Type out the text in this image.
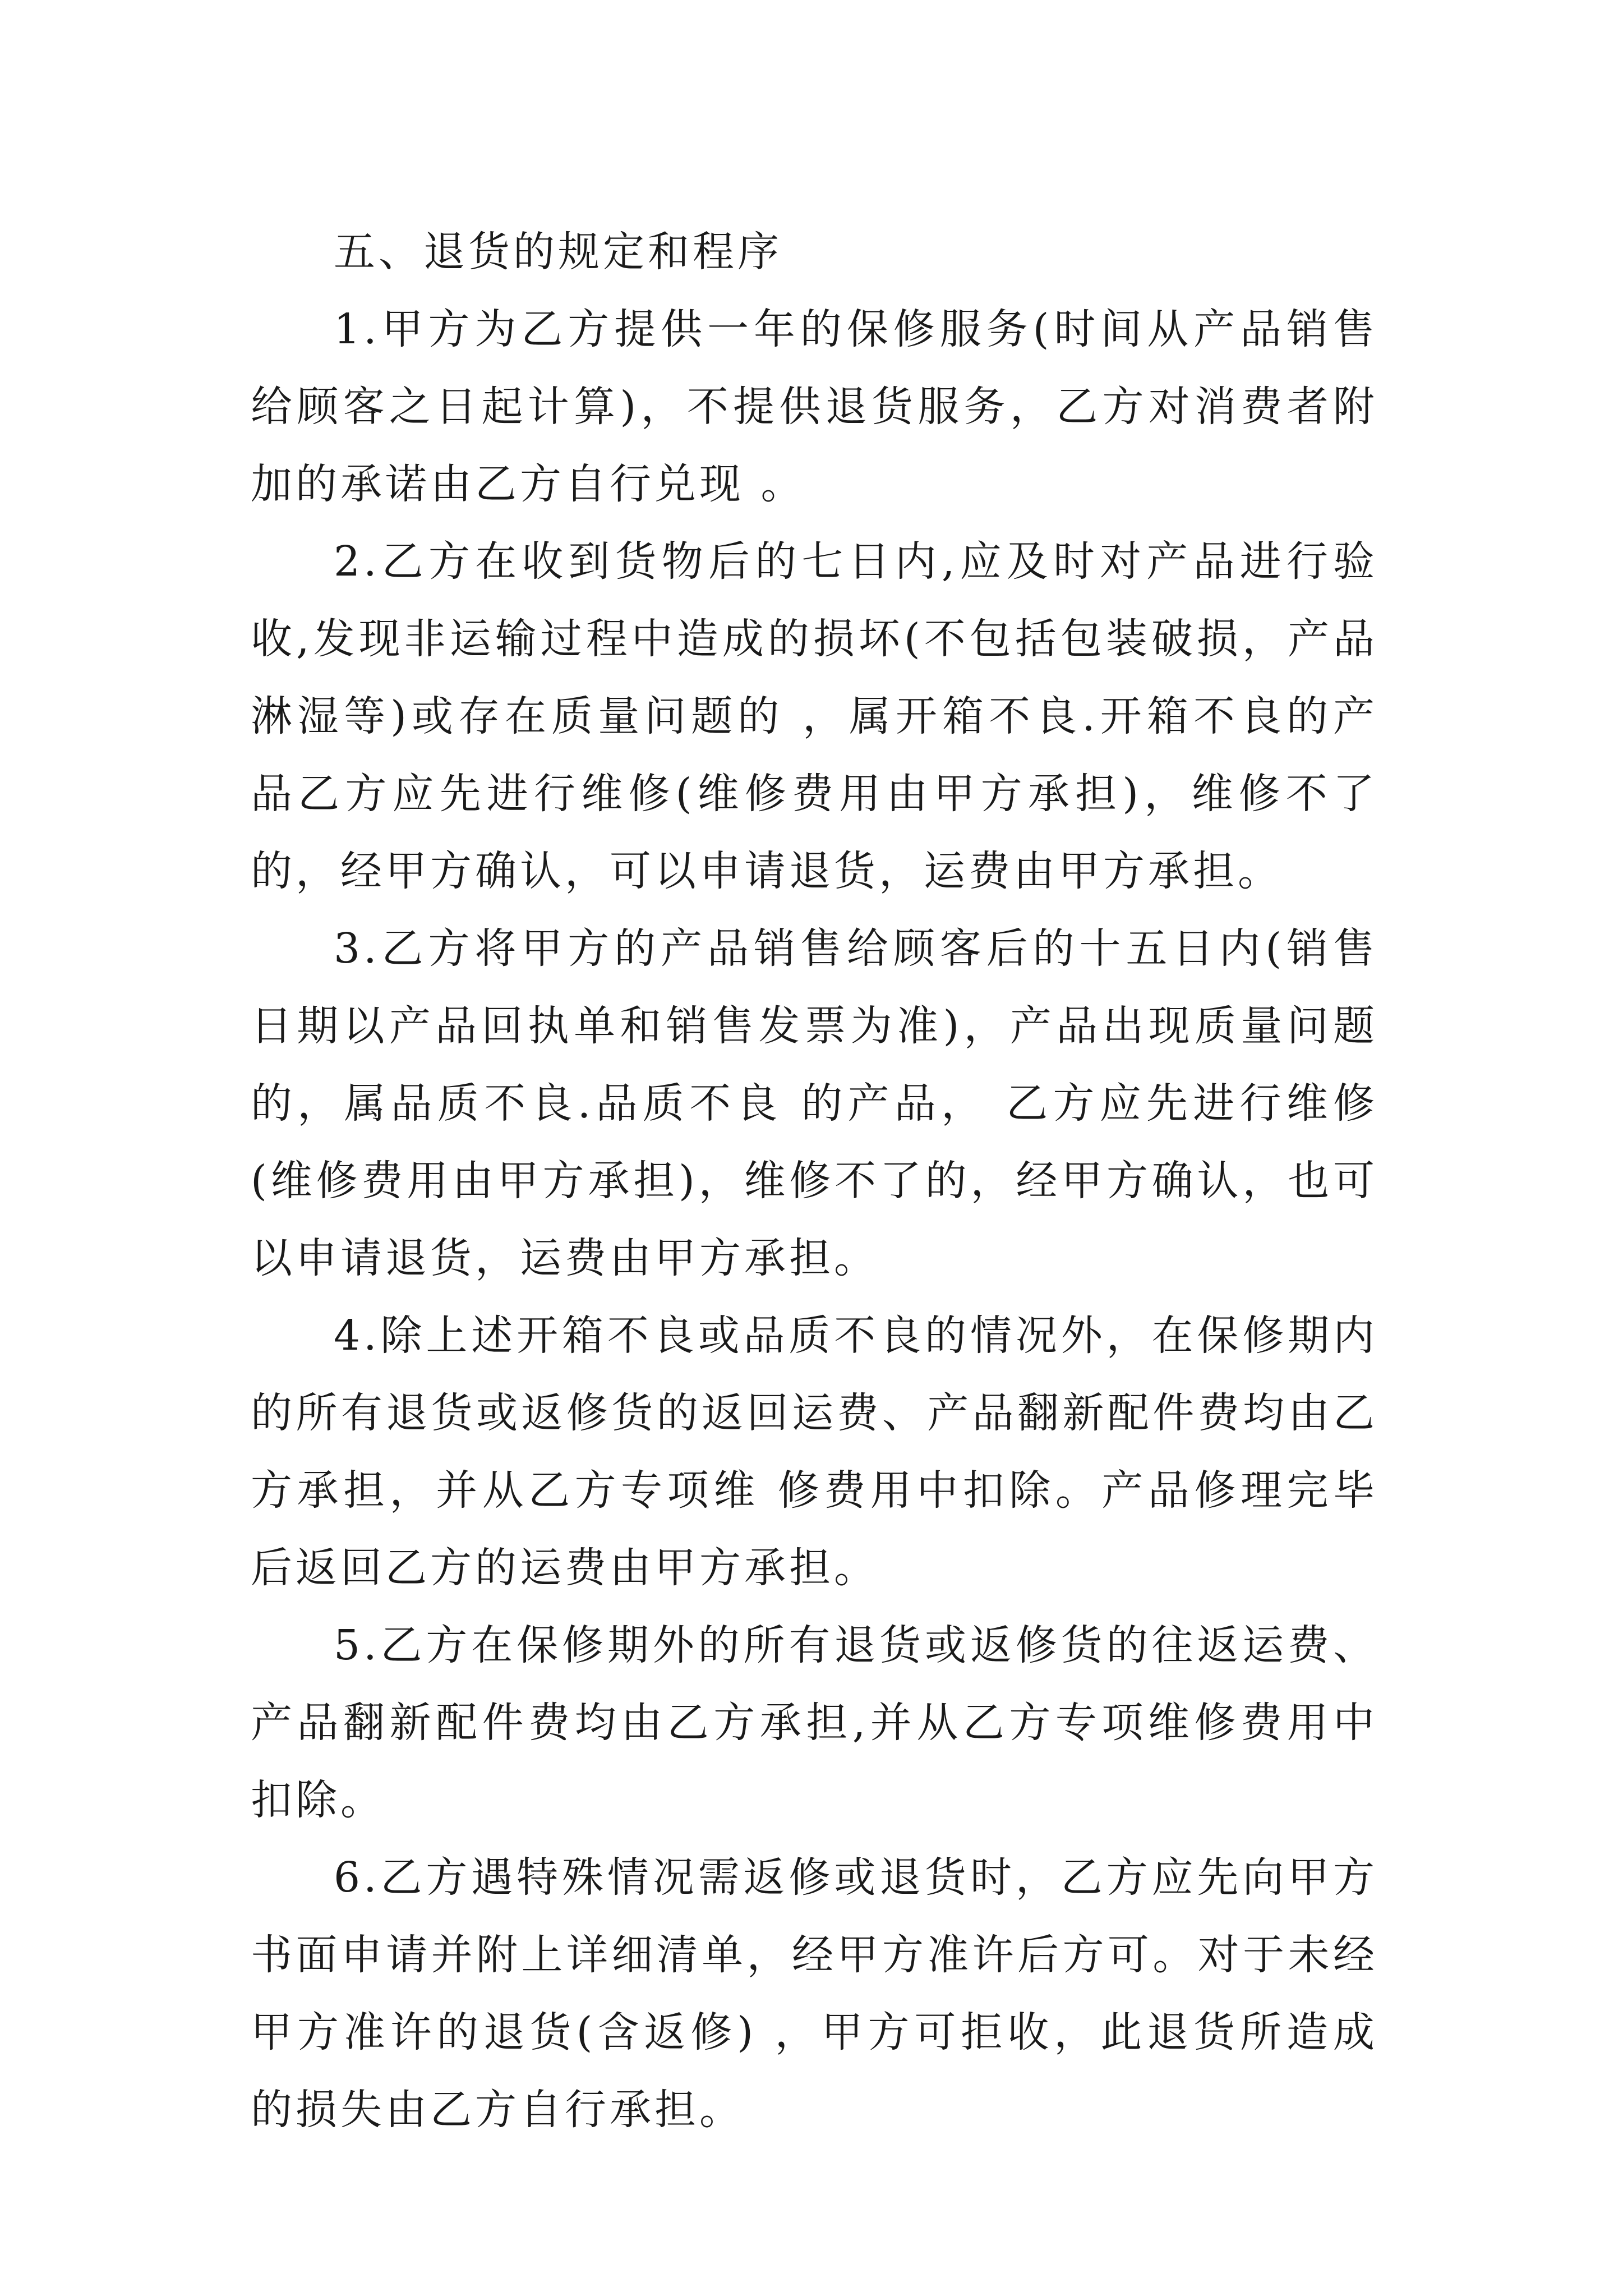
五、退货的规定和程序

1.甲方为乙方提供一年的保修服务(时间从产品销售给顾客之日起计算)，不提供退货服务，乙方对消费者附加的承诺由乙方自行兑现 。

2.乙方在收到货物后的七日内,应及时对产品进行验收,发现非运输过程中造成的损坏(不包括包装破损，产品淋湿等)或存在质量问题的 ，属开箱不良.开箱不良的产品乙方应先进行维修(维修费用由甲方承担)，维修不了的，经甲方确认，可以申请退货，运费由甲方承担。

3.乙方将甲方的产品销售给顾客后的十五日内(销售日期以产品回执单和销售发票为准)，产品出现质量问题的，属品质不良.品质不良 的产品， 乙方应先进行维修(维修费用由甲方承担)，维修不了的，经甲方确认，也可以申请退货，运费由甲方承担。

4.除上述开箱不良或品质不良的情况外，在保修期内的所有退货或返修货的返回运费、产品翻新配件费均由乙方承担，并从乙方专项维 修费用中扣除。产品修理完毕后返回乙方的运费由甲方承担。

5.乙方在保修期外的所有退货或返修货的往返运费、产品翻新配件费均由乙方承担,并从乙方专项维修费用中扣除。

6.乙方遇特殊情况需返修或退货时，乙方应先向甲方书面申请并附上详细清单，经甲方准许后方可。对于未经甲方准许的退货(含返修) ，甲方可拒收，此退货所造成的损失由乙方自行承担。
